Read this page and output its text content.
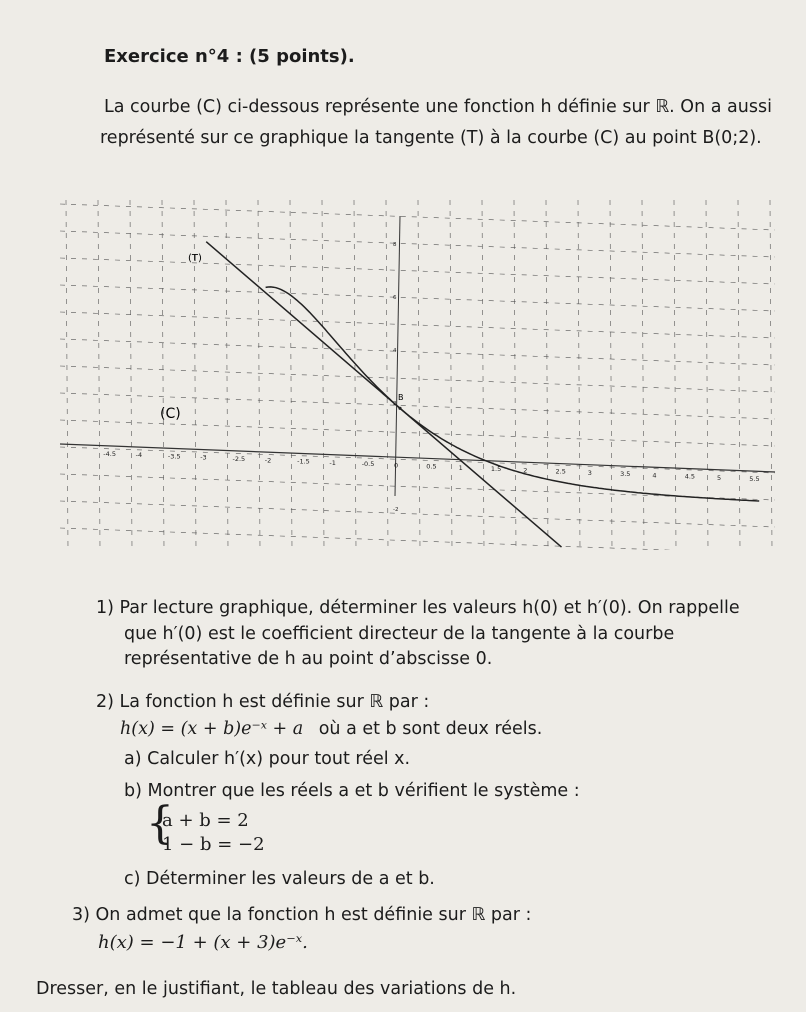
Exercice n°4 : (5 points).
La courbe (C) ci-dessous représente une fonction h définie sur ℝ. On a aussi
représenté sur ce graphique la tangente (T) à la courbe (C) au point B(0;2).
-4.5	-4	-3.5	-3	-2.5	-2	-1.5	-1	-0.5	0	0.5	1	1.5	2	2.5	3	3.5	4	4.5	5	5.5
8
6
4
2
-2
(T)
(C)
B
1) Par lecture graphique, déterminer les valeurs h(0) et h′(0). On rappelle
que h′(0) est le coefficient directeur de la tangente à la courbe
représentative de h au point d’abscisse 0.
2) La fonction h est définie sur ℝ par :
h(x) = (x + b)e⁻ˣ + a où a et b sont deux réels.
a) Calculer h′(x) pour tout réel x.
b) Montrer que les réels a et b vérifient le système :
{
a + b = 2
1 − b = −2
c) Déterminer les valeurs de a et b.
3) On admet que la fonction h est définie sur ℝ par :
h(x) = −1 + (x + 3)e⁻ˣ.
Dresser, en le justifiant, le tableau des variations de h.
